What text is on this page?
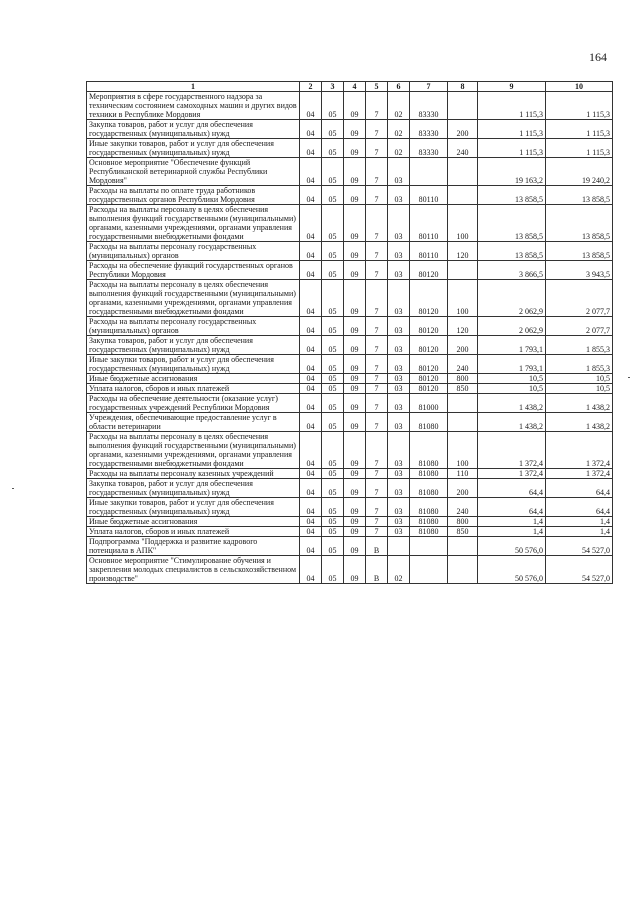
164
1	2	3	4	5	6	7	8	9	10
Мероприятия в сфере государственного надзора за техническим состоянием самоходных машин и других видов техники в Республике Мордовия	04	05	09	7	02	83330		1 115,3	1 115,3
Закупка товаров, работ и услуг для обеспечения государственных (муниципальных) нужд	04	05	09	7	02	83330	200	1 115,3	1 115,3
Иные закупки товаров, работ и услуг для обеспечения государственных (муниципальных) нужд	04	05	09	7	02	83330	240	1 115,3	1 115,3
Основное мероприятие "Обеспечение функций Республиканской ветеринарной службы Республики Мордовия"	04	05	09	7	03			19 163,2	19 240,2
Расходы на выплаты по оплате труда работников государственных органов Республики Мордовия	04	05	09	7	03	80110		13 858,5	13 858,5
Расходы на выплаты персоналу в целях обеспечения выполнения функций государственными (муниципальными) органами, казенными учреждениями, органами управления государственными внебюджетными фондами	04	05	09	7	03	80110	100	13 858,5	13 858,5
Расходы на выплаты персоналу государственных (муниципальных) органов	04	05	09	7	03	80110	120	13 858,5	13 858,5
Расходы на обеспечение функций государственных органов Республики Мордовия	04	05	09	7	03	80120		3 866,5	3 943,5
Расходы на выплаты персоналу в целях обеспечения выполнения функций государственными (муниципальными) органами, казенными учреждениями, органами управления государственными внебюджетными фондами	04	05	09	7	03	80120	100	2 062,9	2 077,7
Расходы на выплаты персоналу государственных (муниципальных) органов	04	05	09	7	03	80120	120	2 062,9	2 077,7
Закупка товаров, работ и услуг для обеспечения государственных (муниципальных) нужд	04	05	09	7	03	80120	200	1 793,1	1 855,3
Иные закупки товаров, работ и услуг для обеспечения государственных (муниципальных) нужд	04	05	09	7	03	80120	240	1 793,1	1 855,3
Иные бюджетные ассигнования	04	05	09	7	03	80120	800	10,5	10,5
Уплата налогов, сборов и иных платежей	04	05	09	7	03	80120	850	10,5	10,5
Расходы на обеспечение деятельности (оказание услуг) государственных учреждений Республики Мордовия	04	05	09	7	03	81000		1 438,2	1 438,2
Учреждения, обеспечивающие предоставление услуг в области ветеринарии	04	05	09	7	03	81080		1 438,2	1 438,2
Расходы на выплаты персоналу в целях обеспечения выполнения функций государственными (муниципальными) органами, казенными учреждениями, органами управления государственными внебюджетными фондами	04	05	09	7	03	81080	100	1 372,4	1 372,4
Расходы на выплаты персоналу казенных учреждений	04	05	09	7	03	81080	110	1 372,4	1 372,4
Закупка товаров, работ и услуг для обеспечения государственных (муниципальных) нужд	04	05	09	7	03	81080	200	64,4	64,4
Иные закупки товаров, работ и услуг для обеспечения государственных (муниципальных) нужд	04	05	09	7	03	81080	240	64,4	64,4
Иные бюджетные ассигнования	04	05	09	7	03	81080	800	1,4	1,4
Уплата налогов, сборов и иных платежей	04	05	09	7	03	81080	850	1,4	1,4
Подпрограмма "Поддержка и развитие кадрового потенциала в АПК"	04	05	09	В				50 576,0	54 527,0
Основное мероприятие "Стимулирование обучения и закрепления молодых специалистов в сельскохозяйственном производстве"	04	05	09	В	02			50 576,0	54 527,0
